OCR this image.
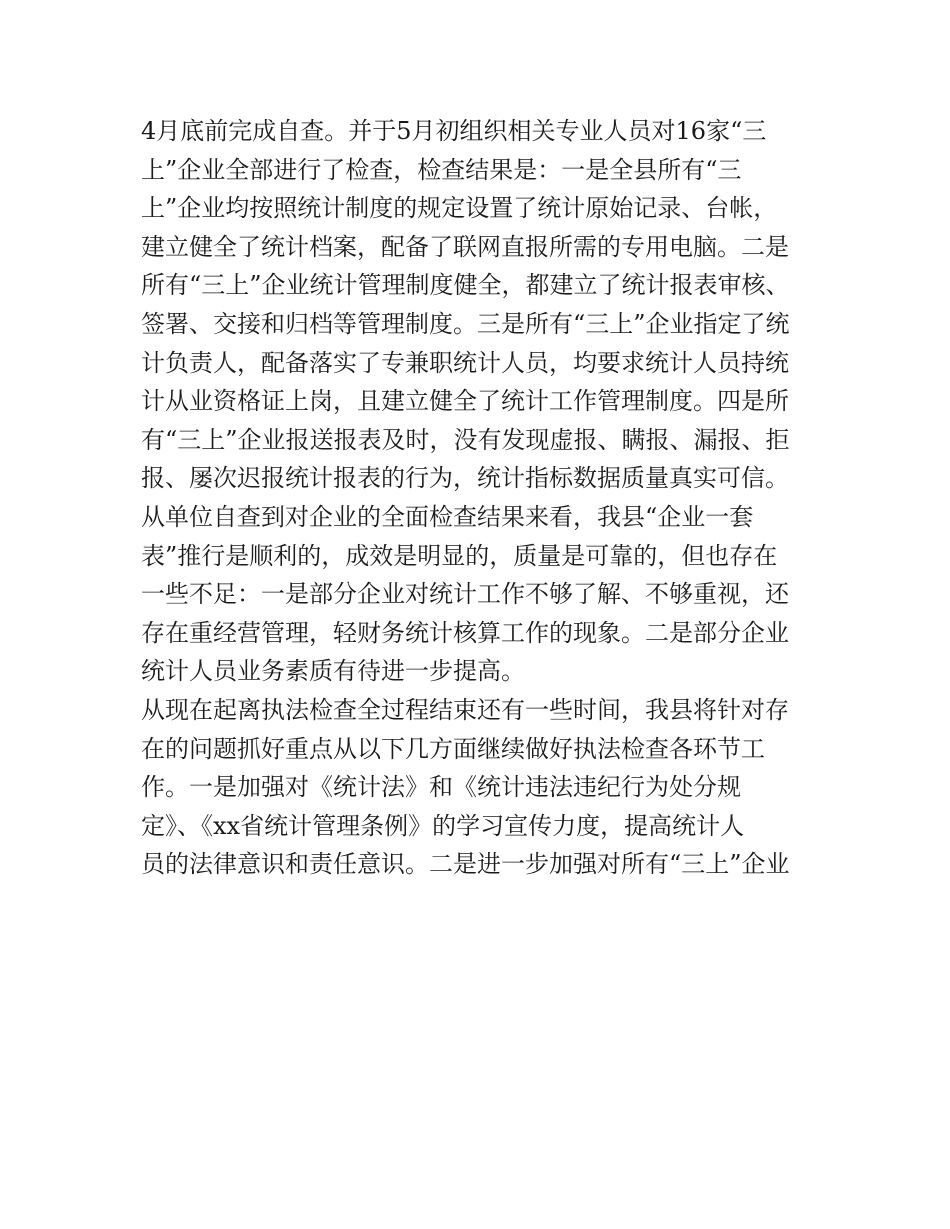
4月底前完成自查。并于5月初组织相关专业人员对16家“三
上”企业全部进行了检查，检查结果是：一是全县所有“三
上”企业均按照统计制度的规定设置了统计原始记录、台帐，
建立健全了统计档案，配备了联网直报所需的专用电脑。二是
所有“三上”企业统计管理制度健全，都建立了统计报表审核、
签署、交接和归档等管理制度。三是所有“三上”企业指定了统
计负责人，配备落实了专兼职统计人员，均要求统计人员持统
计从业资格证上岗，且建立健全了统计工作管理制度。四是所
有“三上”企业报送报表及时，没有发现虚报、瞒报、漏报、拒
报、屡次迟报统计报表的行为，统计指标数据质量真实可信。
从单位自查到对企业的全面检查结果来看，我县“企业一套
表”推行是顺利的，成效是明显的，质量是可靠的，但也存在
一些不足：一是部分企业对统计工作不够了解、不够重视，还
存在重经营管理，轻财务统计核算工作的现象。二是部分企业
统计人员业务素质有待进一步提高。
从现在起离执法检查全过程结束还有一些时间，我县将针对存
在的问题抓好重点从以下几方面继续做好执法检查各环节工
作。一是加强对《统计法》和《统计违法违纪行为处分规
定》、《xx省统计管理条例》的学习宣传力度，提高统计人
员的法律意识和责任意识。二是进一步加强对所有“三上”企业
